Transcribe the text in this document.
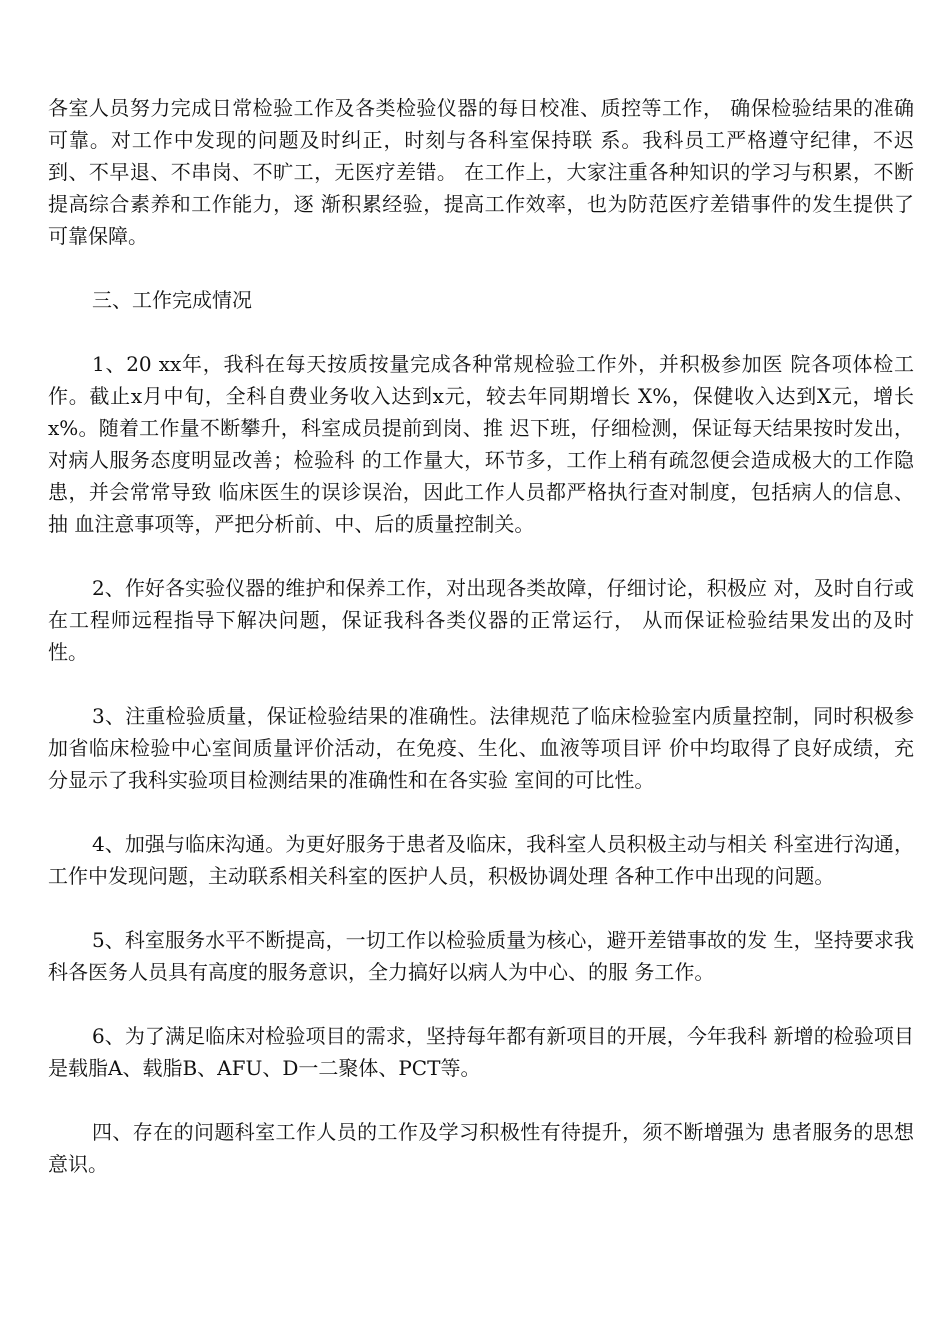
各室人员努力完成日常检验工作及各类检验仪器的每日校准、质控等工作， 确保检验结果的准确可靠。对工作中发现的问题及时纠正，时刻与各科室保持联 系。我科员工严格遵守纪律，不迟到、不早退、不串岗、不旷工，无医疗差错。 在工作上，大家注重各种知识的学习与积累，不断提高综合素养和工作能力，逐 渐积累经验，提高工作效率，也为防范医疗差错事件的发生提供了可靠保障。

三、工作完成情况

1、20 xx年，我科在每天按质按量完成各种常规检验工作外，并积极参加医 院各项体检工作。截止x月中旬，全科自费业务收入达到x元，较去年同期增长 X%，保健收入达到X元，增长x%。随着工作量不断攀升，科室成员提前到岗、推 迟下班，仔细检测，保证每天结果按时发出，对病人服务态度明显改善；检验科 的工作量大，环节多，工作上稍有疏忽便会造成极大的工作隐患，并会常常导致 临床医生的误诊误治，因此工作人员都严格执行查对制度，包括病人的信息、抽 血注意事项等，严把分析前、中、后的质量控制关。

2、作好各实验仪器的维护和保养工作，对出现各类故障，仔细讨论，积极应 对，及时自行或在工程师远程指导下解决问题，保证我科各类仪器的正常运行， 从而保证检验结果发出的及时性。

3、注重检验质量，保证检验结果的准确性。法律规范了临床检验室内质量控制，同时积极参加省临床检验中心室间质量评价活动，在免疫、生化、血液等项目评 价中均取得了良好成绩，充分显示了我科实验项目检测结果的准确性和在各实验 室间的可比性。

4、加强与临床沟通。为更好服务于患者及临床，我科室人员积极主动与相关 科室进行沟通，工作中发现问题，主动联系相关科室的医护人员，积极协调处理 各种工作中出现的问题。

5、科室服务水平不断提高，一切工作以检验质量为核心，避开差错事故的发 生，坚持要求我科各医务人员具有高度的服务意识，全力搞好以病人为中心、的服 务工作。

6、为了满足临床对检验项目的需求，坚持每年都有新项目的开展，今年我科 新增的检验项目是载脂A、载脂B、AFU、D一二聚体、PCT等。

四、存在的问题科室工作人员的工作及学习积极性有待提升，须不断增强为 患者服务的思想意识。
